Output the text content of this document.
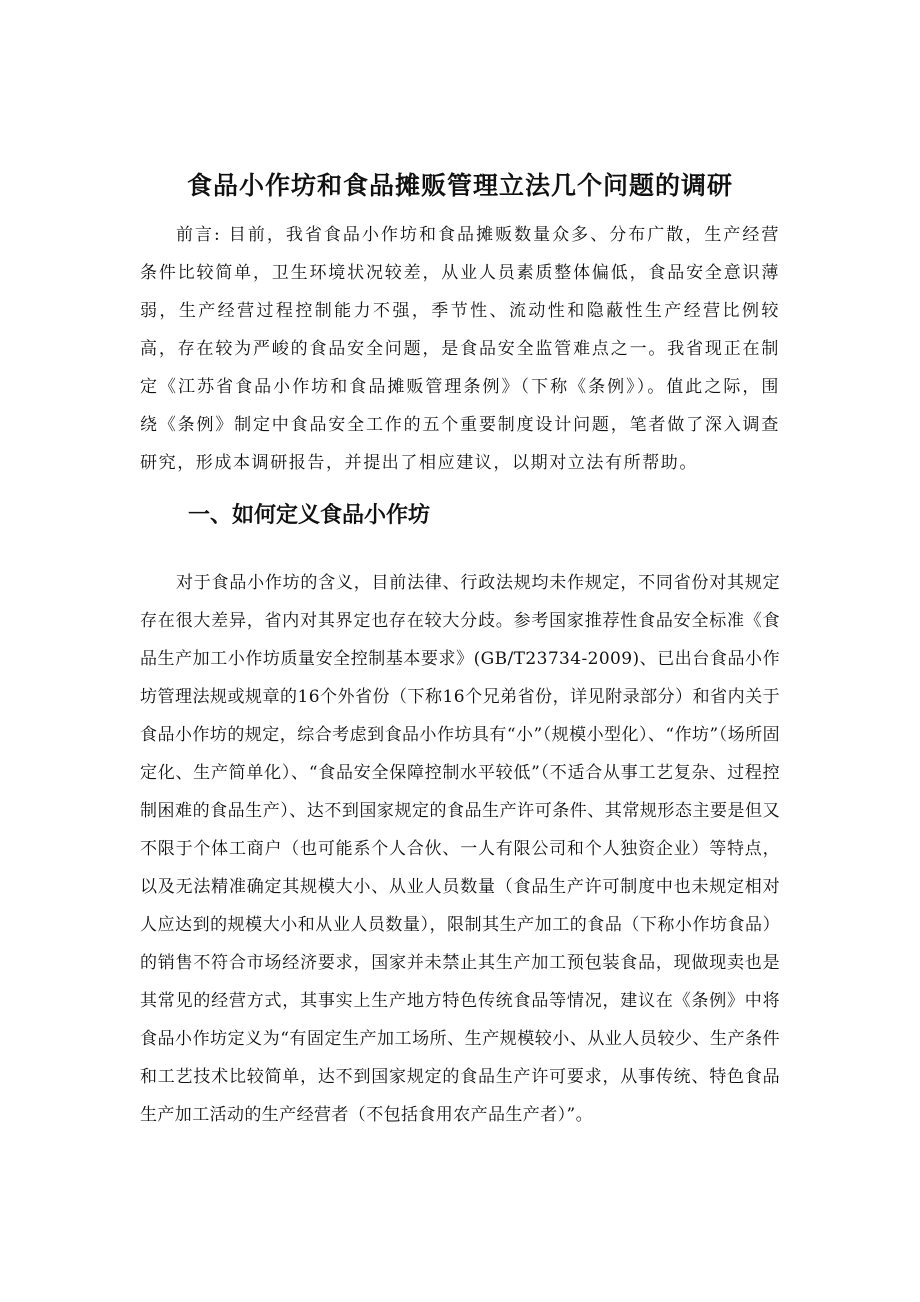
食品小作坊和食品摊贩管理立法几个问题的调研

前言: 目前，我省食品小作坊和食品摊贩数量众多、分布广散，生产经营条件比较简单，卫生环境状况较差，从业人员素质整体偏低，食品安全意识薄弱，生产经营过程控制能力不强，季节性、流动性和隐蔽性生产经营比例较高，存在较为严峻的食品安全问题，是食品安全监管难点之一。我省现正在制定《江苏省食品小作坊和食品摊贩管理条例》（下称《条例》）。值此之际，围绕《条例》制定中食品安全工作的五个重要制度设计问题，笔者做了深入调查研究，形成本调研报告，并提出了相应建议，以期对立法有所帮助。

一、如何定义食品小作坊

对于食品小作坊的含义，目前法律、行政法规均未作规定，不同省份对其规定存在很大差异，省内对其界定也存在较大分歧。参考国家推荐性食品安全标准《食品生产加工小作坊质量安全控制基本要求》(GB/T23734-2009)、已出台食品小作坊管理法规或规章的16个外省份（下称16个兄弟省份，详见附录部分）和省内关于食品小作坊的规定，综合考虑到食品小作坊具有“小”（规模小型化）、“作坊”（场所固定化、生产简单化）、“食品安全保障控制水平较低”（不适合从事工艺复杂、过程控制困难的食品生产）、达不到国家规定的食品生产许可条件、其常规形态主要是但又不限于个体工商户（也可能系个人合伙、一人有限公司和个人独资企业）等特点，以及无法精准确定其规模大小、从业人员数量（食品生产许可制度中也未规定相对人应达到的规模大小和从业人员数量），限制其生产加工的食品（下称小作坊食品）的销售不符合市场经济要求，国家并未禁止其生产加工预包装食品，现做现卖也是其常见的经营方式，其事实上生产地方特色传统食品等情况，建议在《条例》中将食品小作坊定义为“有固定生产加工场所、生产规模较小、从业人员较少、生产条件和工艺技术比较简单，达不到国家规定的食品生产许可要求，从事传统、特色食品生产加工活动的生产经营者（不包括食用农产品生产者）”。
